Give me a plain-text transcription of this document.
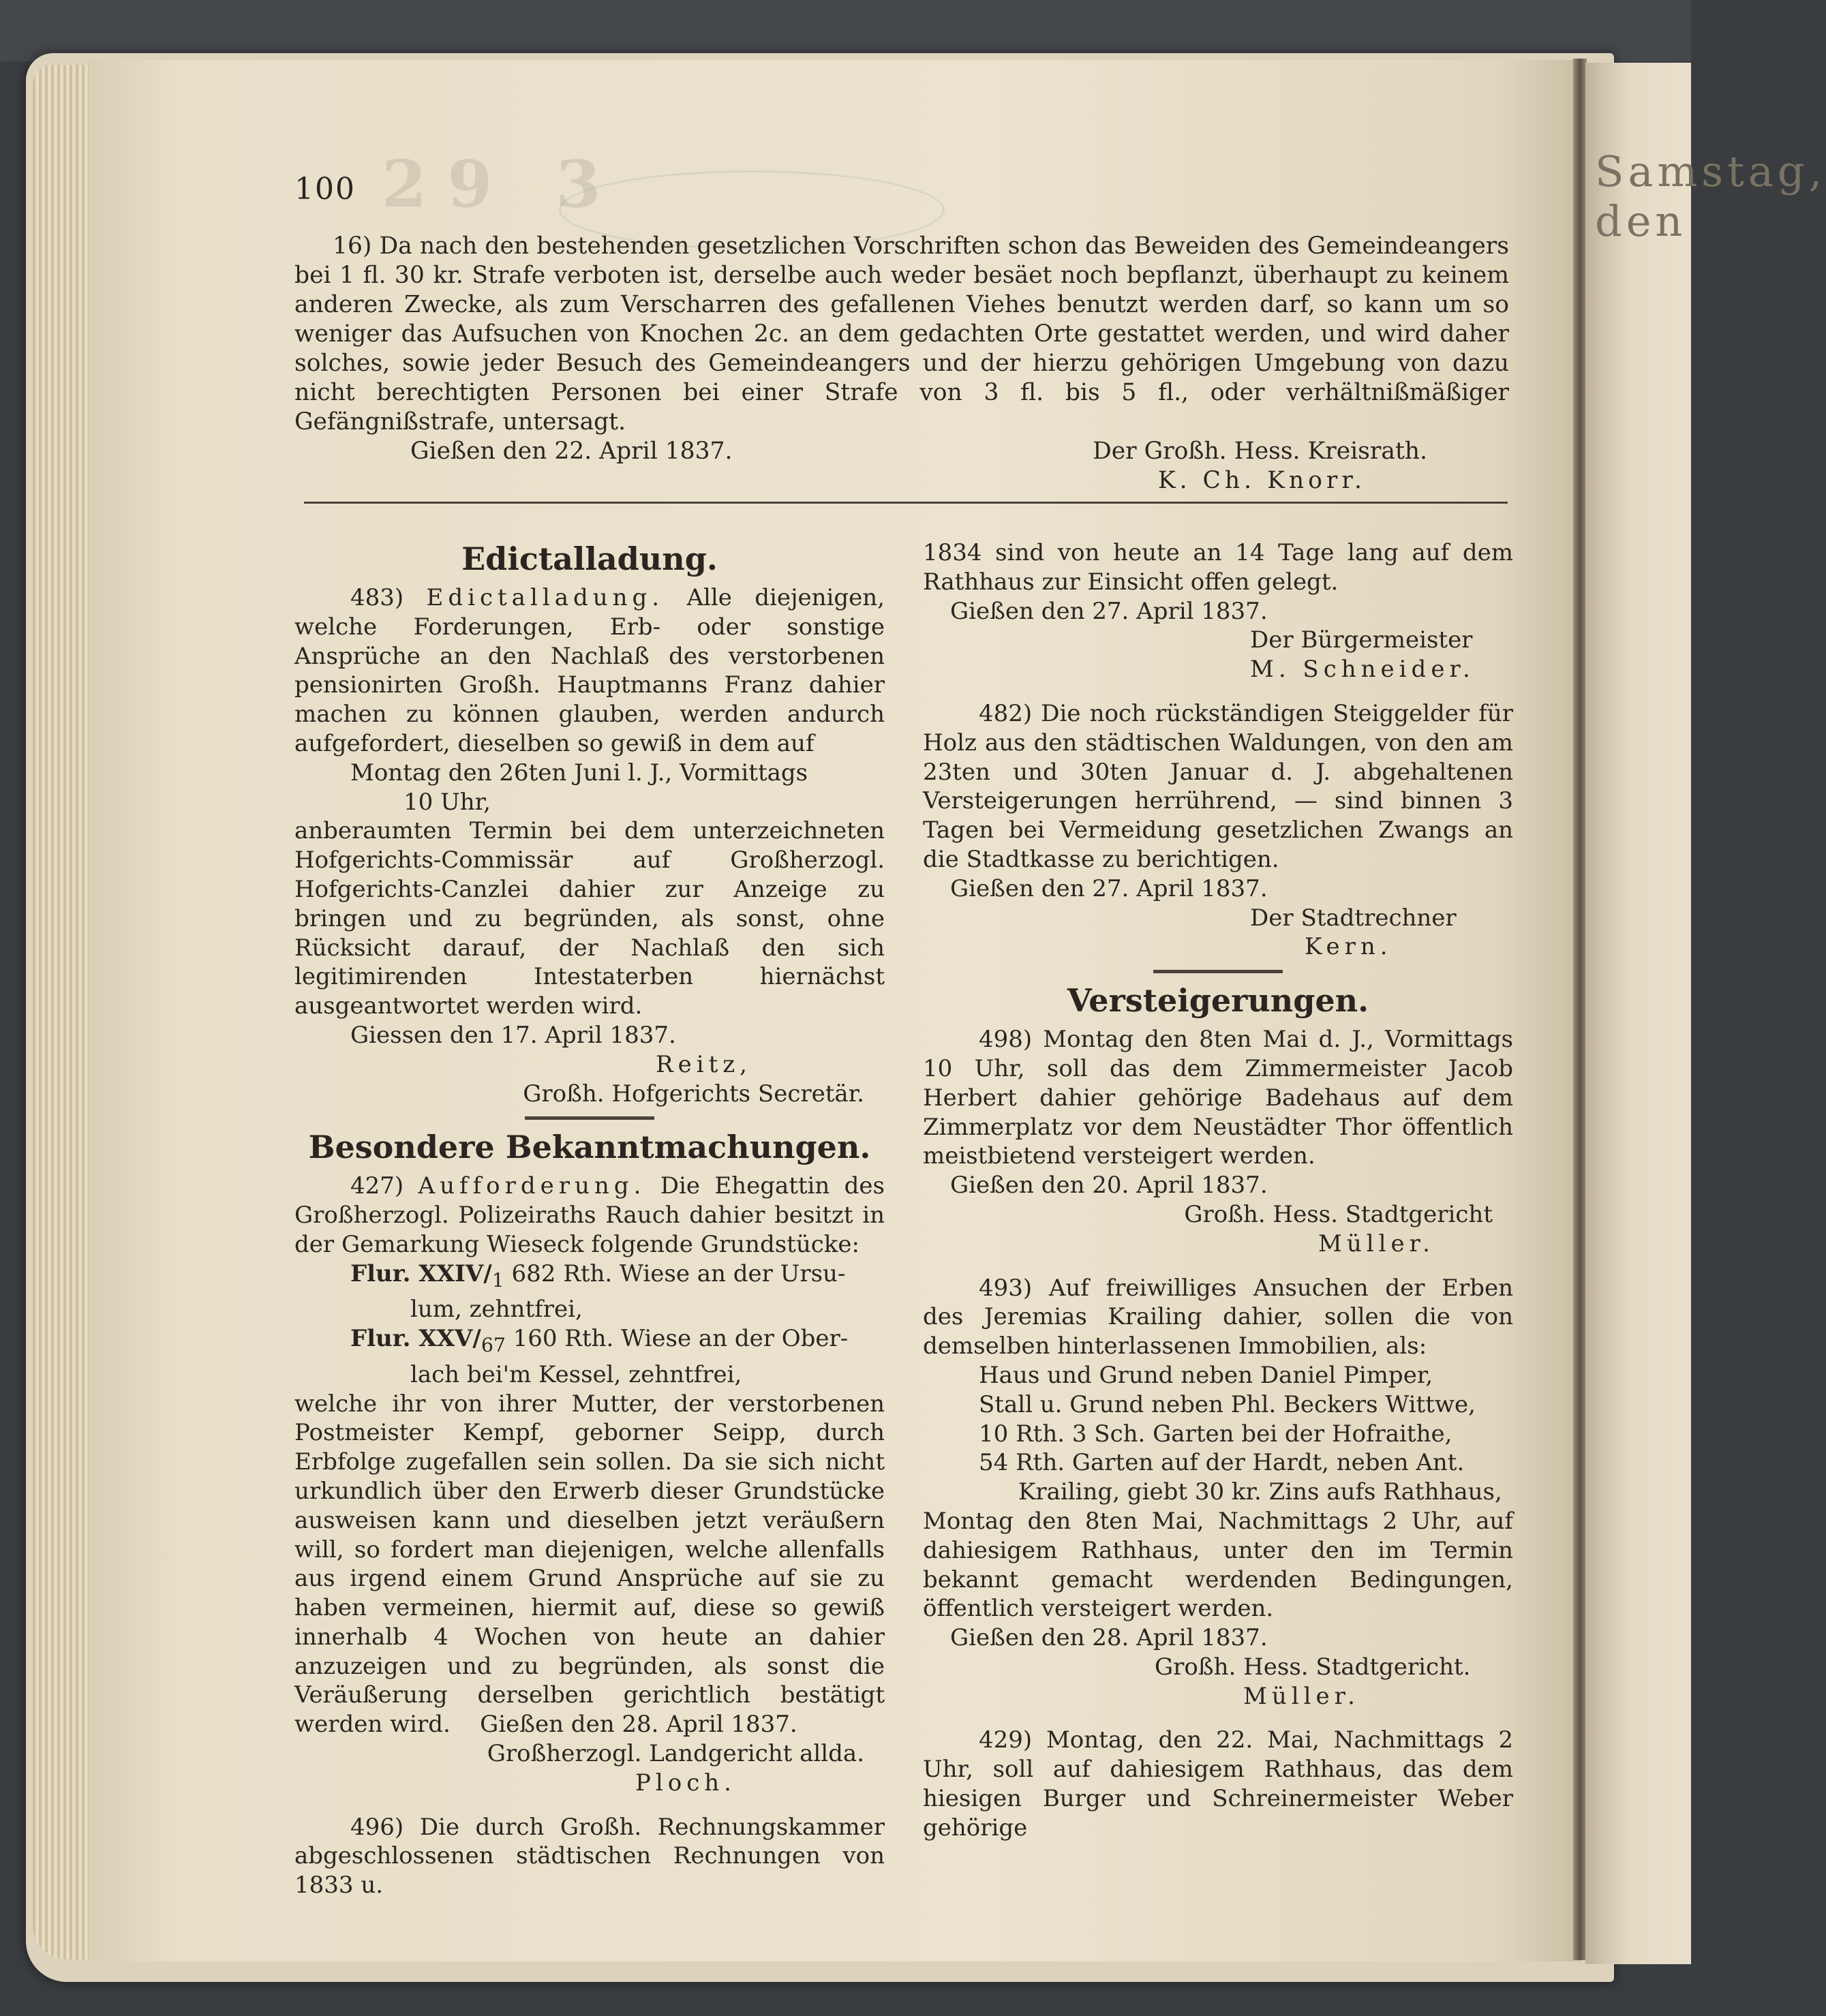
Samstag, den
29 3
100

16) Da nach den bestehenden gesetzlichen Vorschriften schon das Beweiden des Gemeindeangers bei 1 fl. 30 kr. Strafe verboten ist, derselbe auch weder besäet noch bepflanzt, überhaupt zu keinem anderen Zwecke, als zum Verscharren des gefallenen Viehes benutzt werden darf, so kann um so weniger das Aufsuchen von Knochen 2c. an dem gedachten Orte gestattet werden, und wird daher solches, sowie jeder Besuch des Gemeindeangers und der hierzu gehörigen Umgebung von dazu nicht berechtigten Personen bei einer Strafe von 3 fl. bis 5 fl., oder verhältnißmäßiger Gefängnißstrafe, untersagt.

Gießen den 22. April 1837.	Der Großh. Hess. Kreisrath.
K. Ch. Knorr.
Edictalladung.

483) Edictalladung. Alle diejenigen, welche Forderungen, Erb- oder sonstige Ansprüche an den Nachlaß des verstorbenen pensionirten Großh. Hauptmanns Franz dahier machen zu können glauben, werden andurch aufgefordert, dieselben so gewiß in dem auf

Montag den 26ten Juni l. J., Vormittags

10 Uhr,

anberaumten Termin bei dem unterzeichneten Hofgerichts-Commissär auf Großherzogl. Hofgerichts-Canzlei dahier zur Anzeige zu bringen und zu begründen, als sonst, ohne Rücksicht darauf, der Nachlaß den sich legitimirenden Intestaterben hiernächst ausgeantwortet werden wird.

Giessen den 17. April 1837.

Reitz,

Großh. Hofgerichts Secretär.

Besondere Bekanntmachungen.

427) Aufforderung. Die Ehegattin des Großherzogl. Polizeiraths Rauch dahier besitzt in der Gemarkung Wieseck folgende Grundstücke:

Flur. XXIV/$_1$ 682 Rth. Wiese an der Ursu-

lum, zehntfrei,

Flur. XXV/$_{67}$ 160 Rth. Wiese an der Ober-

lach bei'm Kessel, zehntfrei,

welche ihr von ihrer Mutter, der verstorbenen Postmeister Kempf, geborner Seipp, durch Erbfolge zugefallen sein sollen. Da sie sich nicht urkundlich über den Erwerb dieser Grundstücke ausweisen kann und dieselben jetzt veräußern will, so fordert man diejenigen, welche allenfalls aus irgend einem Grund Ansprüche auf sie zu haben vermeinen, hiermit auf, diese so gewiß innerhalb 4 Wochen von heute an dahier anzuzeigen und zu begründen, als sonst die Veräußerung derselben gerichtlich bestätigt werden wird. Gießen den 28. April 1837.

Großherzogl. Landgericht allda.

Ploch.

496) Die durch Großh. Rechnungskammer abgeschlossenen städtischen Rechnungen von 1833 u.

1834 sind von heute an 14 Tage lang auf dem Rathhaus zur Einsicht offen gelegt.

Gießen den 27. April 1837.

Der Bürgermeister

M. Schneider.

482) Die noch rückständigen Steiggelder für Holz aus den städtischen Waldungen, von den am 23ten und 30ten Januar d. J. abgehaltenen Versteigerungen herrührend, — sind binnen 3 Tagen bei Vermeidung gesetzlichen Zwangs an die Stadtkasse zu berichtigen.

Gießen den 27. April 1837.

Der Stadtrechner

Kern.

Versteigerungen.

498) Montag den 8ten Mai d. J., Vormittags 10 Uhr, soll das dem Zimmermeister Jacob Herbert dahier gehörige Badehaus auf dem Zimmerplatz vor dem Neustädter Thor öffentlich meistbietend versteigert werden.

Gießen den 20. April 1837.

Großh. Hess. Stadtgericht

Müller.

493) Auf freiwilliges Ansuchen der Erben des Jeremias Krailing dahier, sollen die von demselben hinterlassenen Immobilien, als:

Haus und Grund neben Daniel Pimper,

Stall u. Grund neben Phl. Beckers Wittwe,

10 Rth. 3 Sch. Garten bei der Hofraithe,

54 Rth. Garten auf der Hardt, neben Ant.

Krailing, giebt 30 kr. Zins aufs Rathhaus,

Montag den 8ten Mai, Nachmittags 2 Uhr, auf dahiesigem Rathhaus, unter den im Termin bekannt gemacht werdenden Bedingungen, öffentlich versteigert werden.

Gießen den 28. April 1837.

Großh. Hess. Stadtgericht.

Müller.

429) Montag, den 22. Mai, Nachmittags 2 Uhr, soll auf dahiesigem Rathhaus, das dem hiesigen Burger und Schreinermeister Weber gehörige
